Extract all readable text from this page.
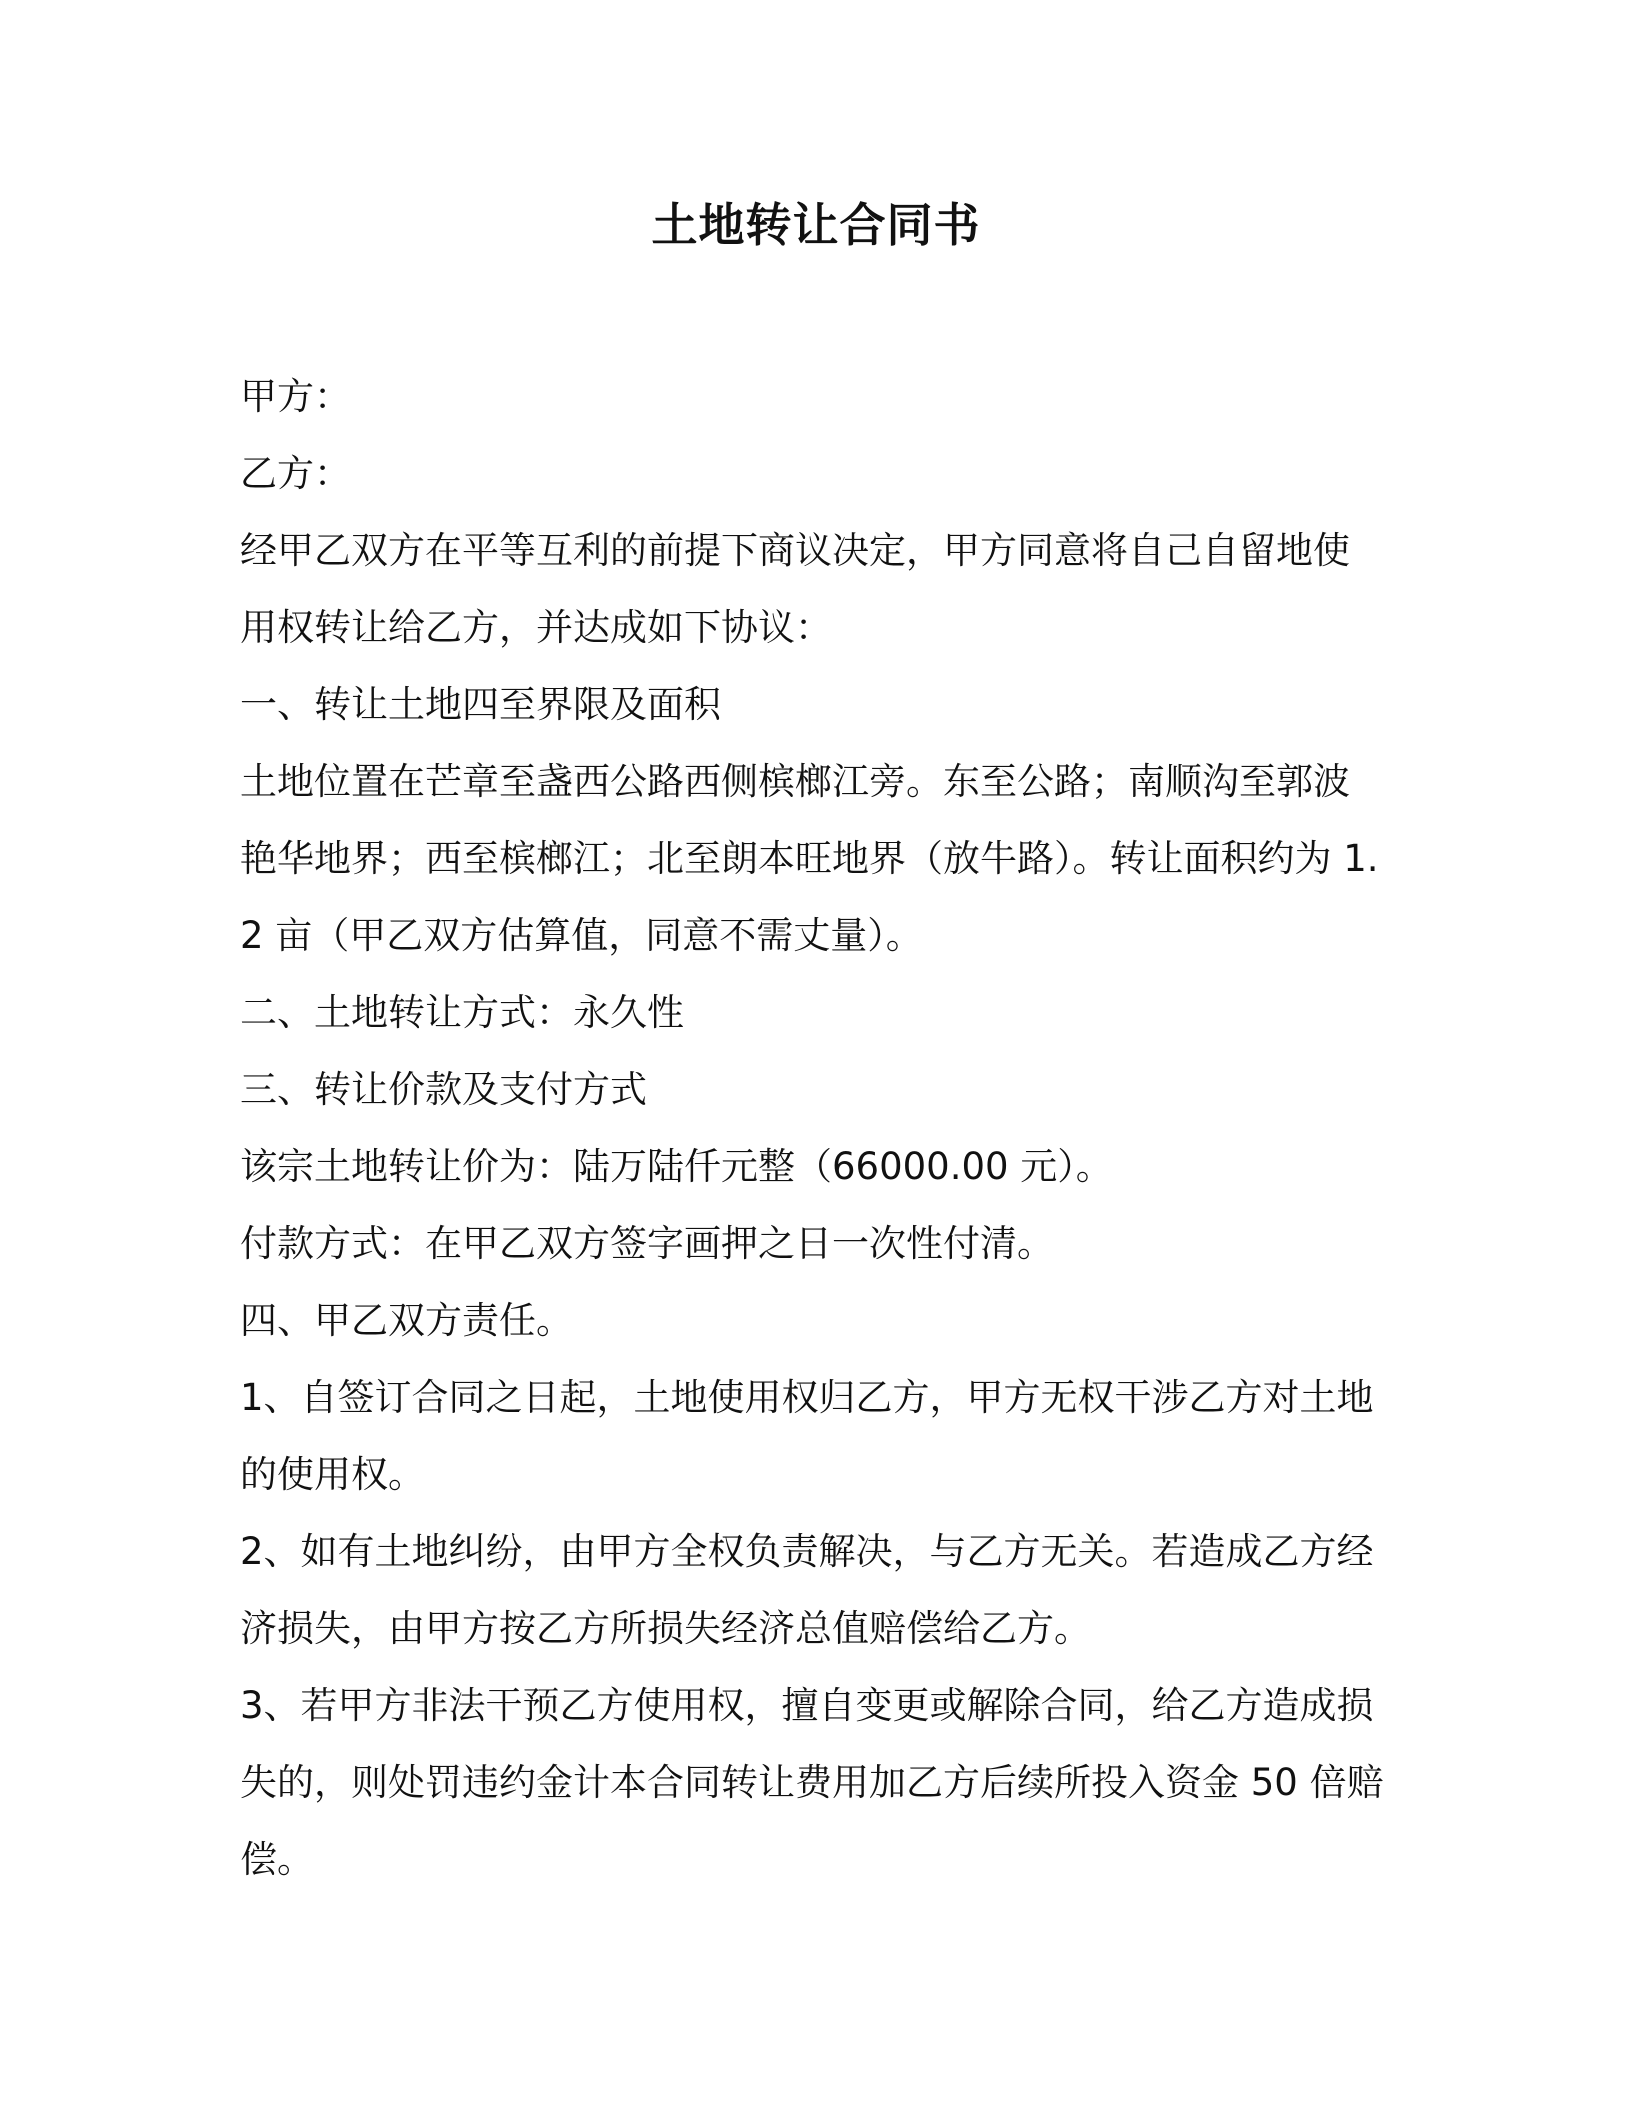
土地转让合同书
甲方：
乙方：
经甲乙双方在平等互利的前提下商议决定，甲方同意将自己自留地使
用权转让给乙方，并达成如下协议：
一、转让土地四至界限及面积
土地位置在芒章至盏西公路西侧槟榔江旁。东至公路；南顺沟至郭波
艳华地界；西至槟榔江；北至朗本旺地界（放牛路）。转让面积约为 1.
2 亩（甲乙双方估算值，同意不需丈量）。
二、土地转让方式：永久性
三、转让价款及支付方式
该宗土地转让价为：陆万陆仟元整（66000.00 元）。
付款方式：在甲乙双方签字画押之日一次性付清。
四、甲乙双方责任。
1、自签订合同之日起，土地使用权归乙方，甲方无权干涉乙方对土地
的使用权。
2、如有土地纠纷，由甲方全权负责解决，与乙方无关。若造成乙方经
济损失，由甲方按乙方所损失经济总值赔偿给乙方。
3、若甲方非法干预乙方使用权，擅自变更或解除合同，给乙方造成损
失的，则处罚违约金计本合同转让费用加乙方后续所投入资金 50 倍赔
偿。
